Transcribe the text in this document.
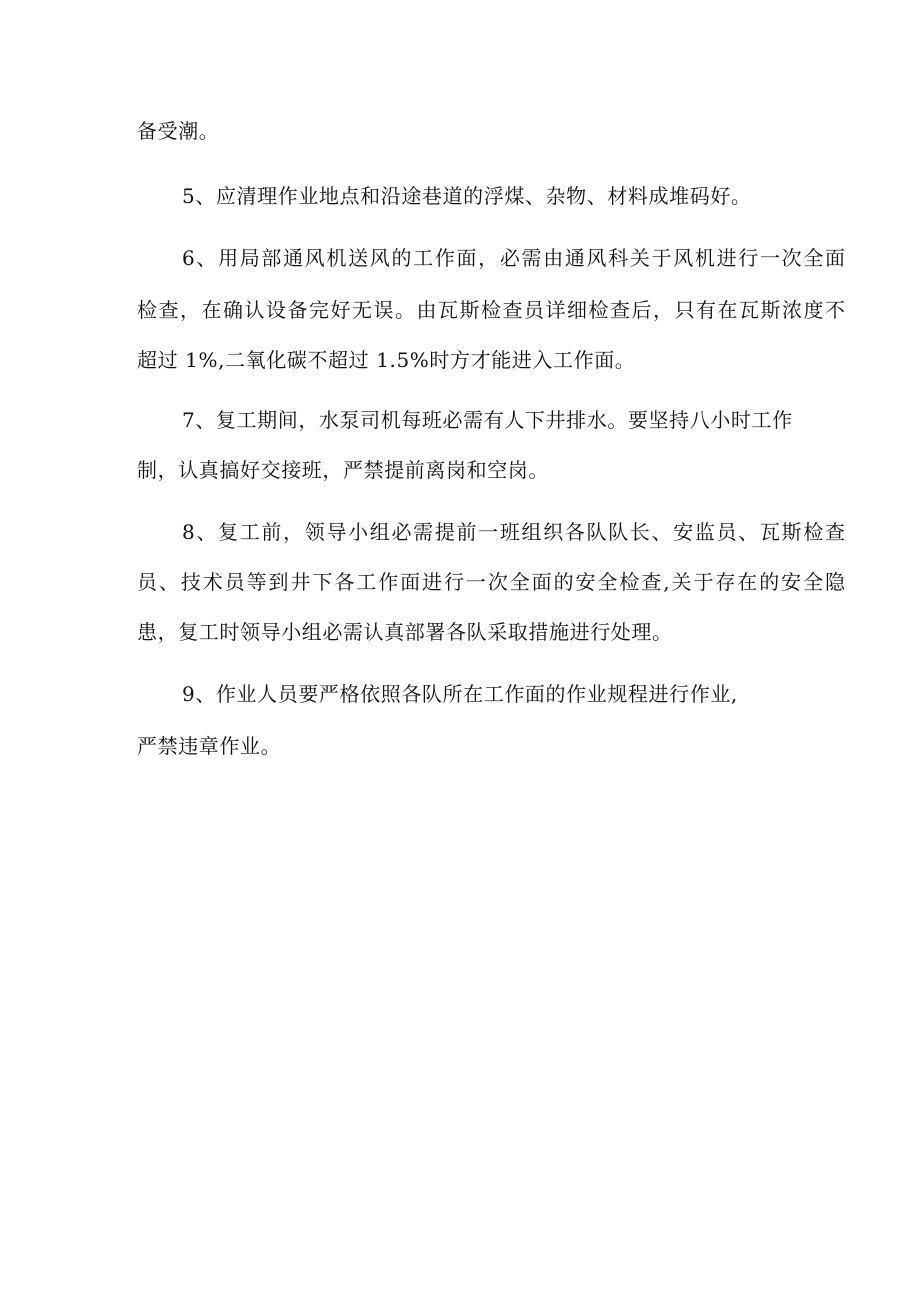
备受潮。

5、应清理作业地点和沿途巷道的浮煤、杂物、材料成堆码好。

6、用局部通风机送风的工作面，必需由通风科关于风机进行一次全面

检查，在确认设备完好无误。由瓦斯检查员详细检查后，只有在瓦斯浓度不

超过 1%,二氧化碳不超过 1.5%时方才能进入工作面。

7、复工期间，水泵司机每班必需有人下井排水。要坚持八小时工作

制，认真搞好交接班，严禁提前离岗和空岗。

8、复工前，领导小组必需提前一班组织各队队长、安监员、瓦斯检查

员、技术员等到井下各工作面进行一次全面的安全检查,关于存在的安全隐

患，复工时领导小组必需认真部署各队采取措施进行处理。

9、作业人员要严格依照各队所在工作面的作业规程进行作业,

严禁违章作业。
